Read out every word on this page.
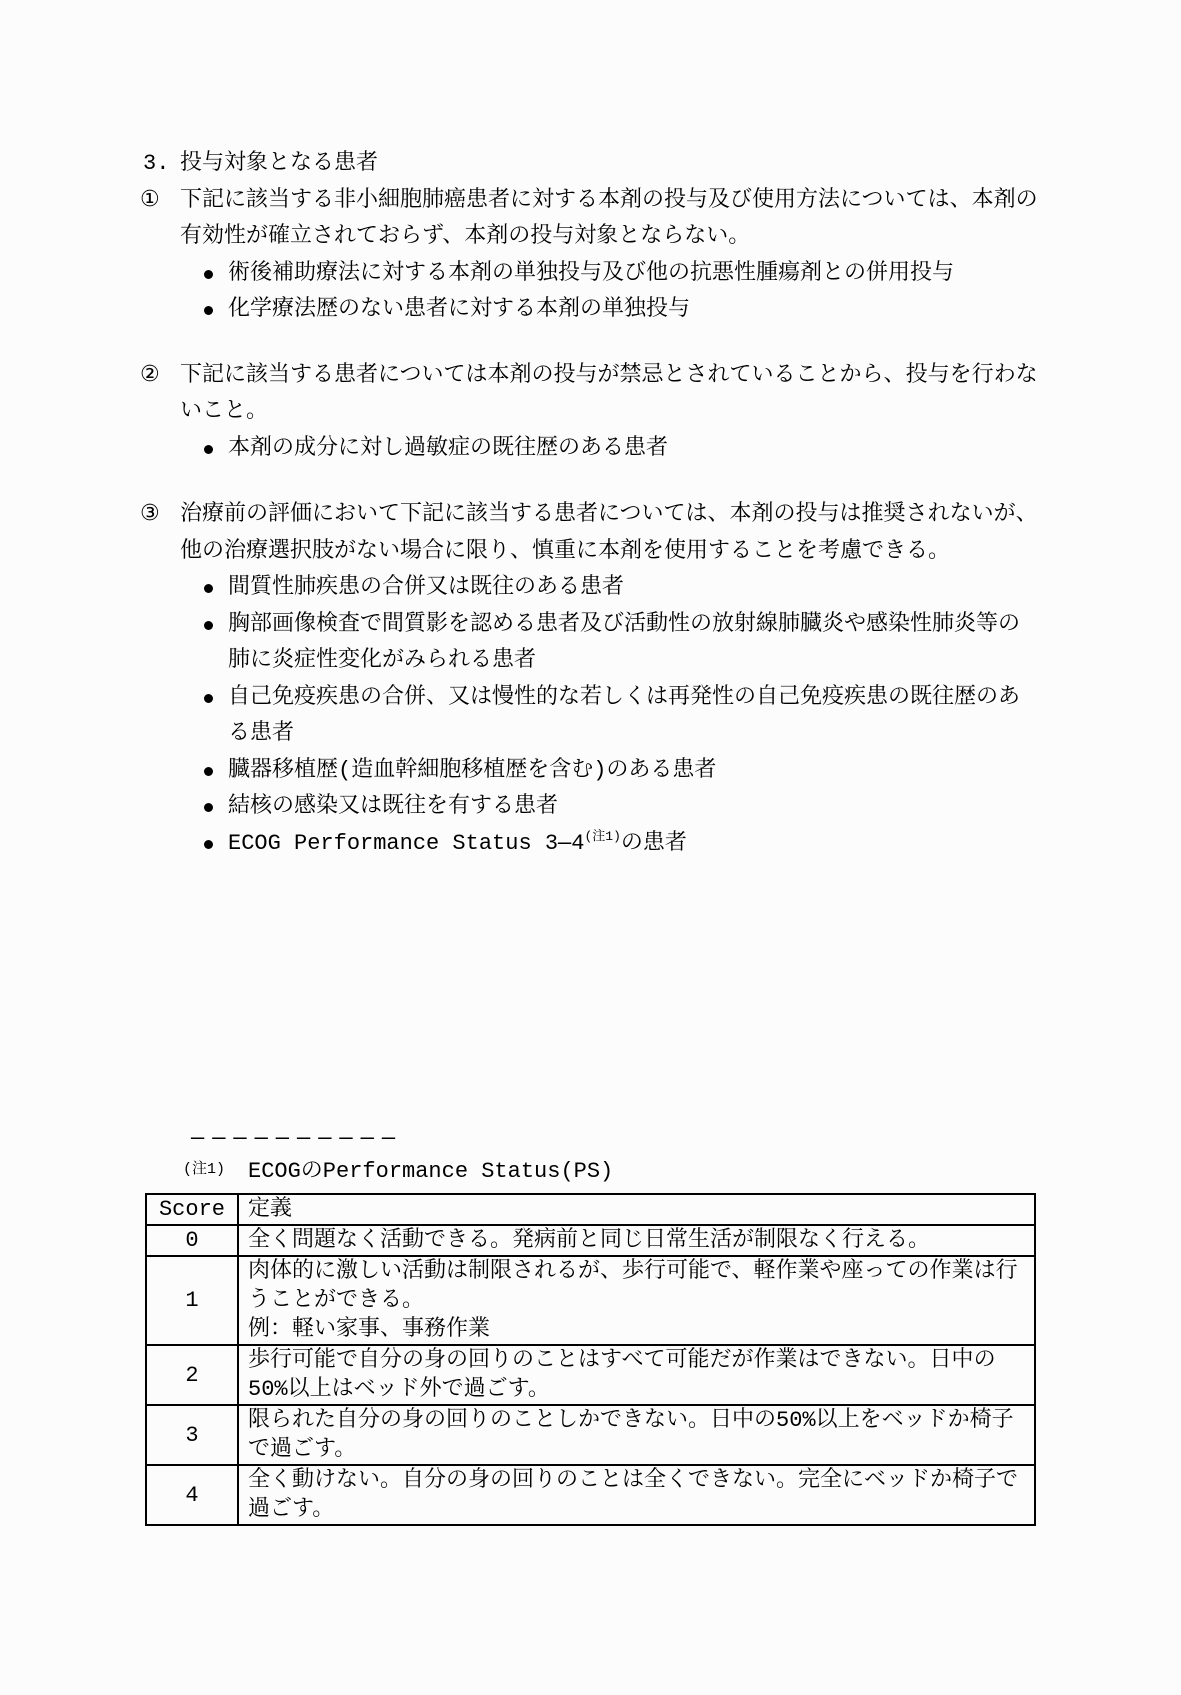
3. 投与対象となる患者
① 下記に該当する非小細胞肺癌患者に対する本剤の投与及び使用方法については、本剤の有効性が確立されておらず、本剤の投与対象とならない。
術後補助療法に対する本剤の単独投与及び他の抗悪性腫瘍剤との併用投与
化学療法歴のない患者に対する本剤の単独投与
② 下記に該当する患者については本剤の投与が禁忌とされていることから、投与を行わないこと。
本剤の成分に対し過敏症の既往歴のある患者
③ 治療前の評価において下記に該当する患者については、本剤の投与は推奨されないが、他の治療選択肢がない場合に限り、慎重に本剤を使用することを考慮できる。
間質性肺疾患の合併又は既往のある患者
胸部画像検査で間質影を認める患者及び活動性の放射線肺臓炎や感染性肺炎等の肺に炎症性変化がみられる患者
自己免疫疾患の合併、又は慢性的な若しくは再発性の自己免疫疾患の既往歴のある患者
臓器移植歴(造血幹細胞移植歴を含む)のある患者
結核の感染又は既往を有する患者
ECOG Performance Status 3—4$^{(注1)}$の患者
——————————
(注1) ECOGのPerformance Status(PS)
Score	定義
0	全く問題なく活動できる。発病前と同じ日常生活が制限なく行える。
1	肉体的に激しい活動は制限されるが、歩行可能で、軽作業や座っての作業は行うことができる。
例：軽い家事、事務作業

2	歩行可能で自分の身の回りのことはすべて可能だが作業はできない。日中の50%以上はベッド外で過ごす。
3	限られた自分の身の回りのことしかできない。日中の50%以上をベッドか椅子で過ごす。
4	全く動けない。自分の身の回りのことは全くできない。完全にベッドか椅子で過ごす。
